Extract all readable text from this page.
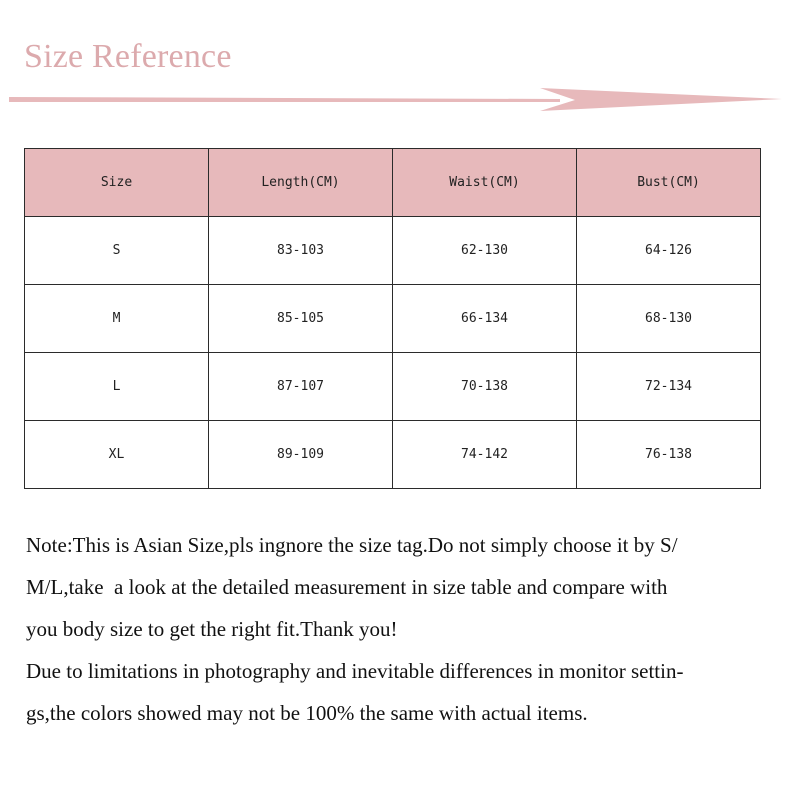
Size Reference
Size	Length(CM)	Waist(CM)	Bust(CM)
S	83-103	62-130	64-126
M	85-105	66-134	68-130
L	87-107	70-138	72-134
XL	89-109	74-142	76-138

Note:This is Asian Size,pls ingnore the size tag.Do not simply choose it by S/

M/L,take  a look at the detailed measurement in size table and compare with

you body size to get the right fit.Thank you!

Due to limitations in photography and inevitable differences in monitor settin-

gs,the colors showed may not be 100% the same with actual items.
